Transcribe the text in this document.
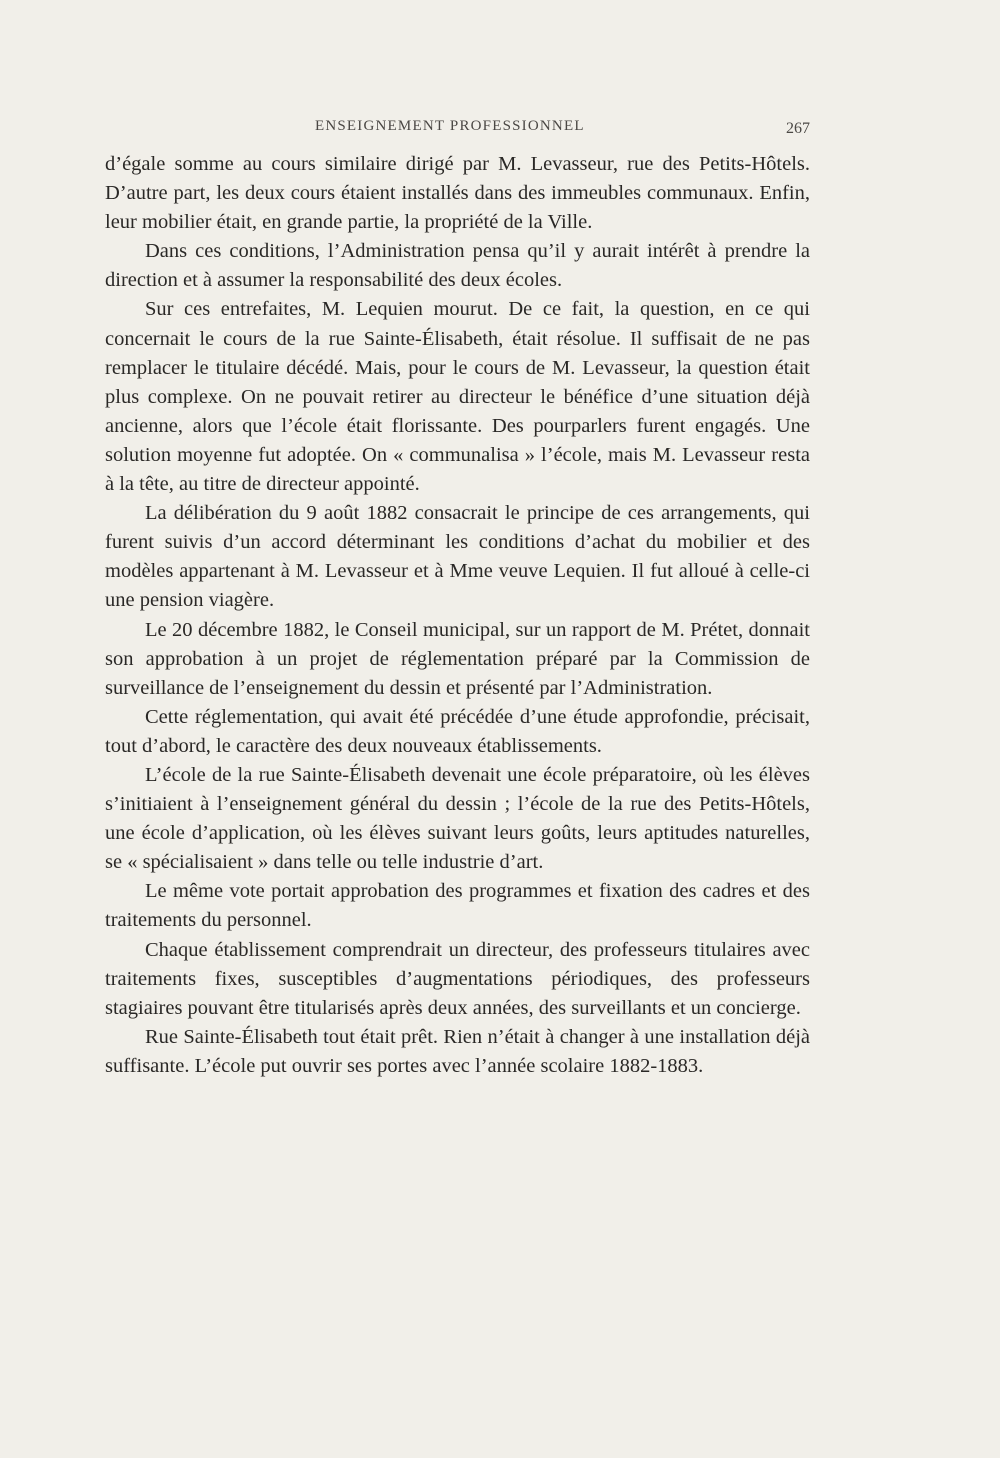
ENSEIGNEMENT PROFESSIONNEL	267

d’égale somme au cours similaire dirigé par M. Levasseur, rue des Petits-Hôtels. D’autre part, les deux cours étaient installés dans des immeubles communaux. Enfin, leur mobilier était, en grande partie, la propriété de la Ville.

Dans ces conditions, l’Administration pensa qu’il y aurait intérêt à prendre la direction et à assumer la responsabilité des deux écoles.

Sur ces entrefaites, M. Lequien mourut. De ce fait, la question, en ce qui concernait le cours de la rue Sainte-Élisabeth, était résolue. Il suffisait de ne pas remplacer le titulaire décédé. Mais, pour le cours de M. Levasseur, la question était plus complexe. On ne pouvait retirer au directeur le bénéfice d’une situation déjà ancienne, alors que l’école était florissante. Des pourparlers furent engagés. Une solution moyenne fut adoptée. On « communalisa » l’école, mais M. Levasseur resta à la tête, au titre de directeur appointé.

La délibération du 9 août 1882 consacrait le principe de ces arrangements, qui furent suivis d’un accord déterminant les conditions d’achat du mobilier et des modèles appartenant à M. Levasseur et à Mme veuve Lequien. Il fut alloué à celle-ci une pension viagère.

Le 20 décembre 1882, le Conseil municipal, sur un rapport de M. Prétet, donnait son approbation à un projet de réglementation préparé par la Commission de surveillance de l’enseignement du dessin et présenté par l’Administration.

Cette réglementation, qui avait été précédée d’une étude approfondie, précisait, tout d’abord, le caractère des deux nouveaux établissements.

L’école de la rue Sainte-Élisabeth devenait une école préparatoire, où les élèves s’initiaient à l’enseignement général du dessin ; l’école de la rue des Petits-Hôtels, une école d’application, où les élèves suivant leurs goûts, leurs aptitudes naturelles, se « spécialisaient » dans telle ou telle industrie d’art.

Le même vote portait approbation des programmes et fixation des cadres et des traitements du personnel.

Chaque établissement comprendrait un directeur, des professeurs titulaires avec traitements fixes, susceptibles d’augmentations périodiques, des professeurs stagiaires pouvant être titularisés après deux années, des surveillants et un concierge.

Rue Sainte-Élisabeth tout était prêt. Rien n’était à changer à une installation déjà suffisante. L’école put ouvrir ses portes avec l’année scolaire 1882-1883.
